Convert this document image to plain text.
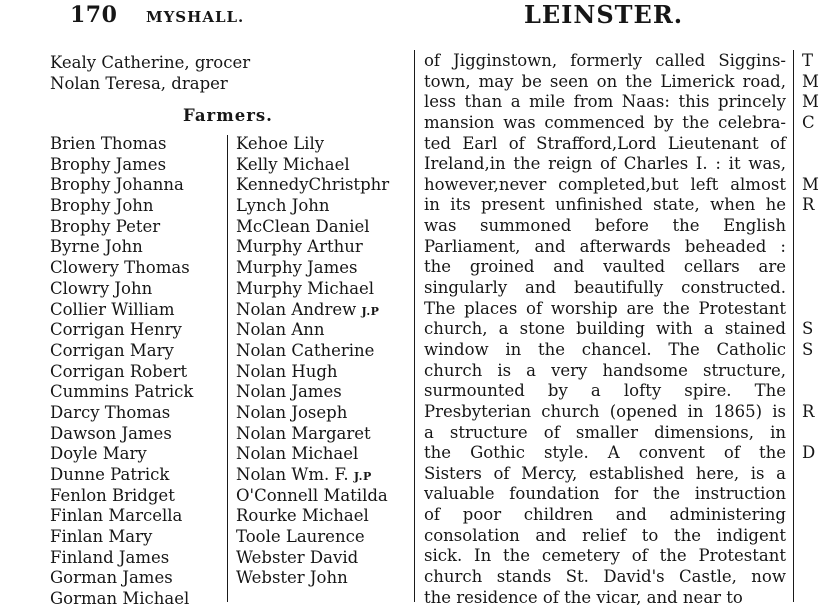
170 MYSHALL.	LEINSTER.
Kealy Catherine, grocer
Nolan Teresa, draper
Farmers.
Brien Thomas
Brophy James
Brophy Johanna
Brophy John
Brophy Peter
Byrne John
Clowery Thomas
Clowry John
Collier William
Corrigan Henry
Corrigan Mary
Corrigan Robert
Cummins Patrick
Darcy Thomas
Dawson James
Doyle Mary
Dunne Patrick
Fenlon Bridget
Finlan Marcella
Finlan Mary
Finland James
Gorman James
Gorman Michael
Kehoe Lily
Kelly Michael
KennedyChristphr
Lynch John
McClean Daniel
Murphy Arthur
Murphy James
Murphy Michael
Nolan Andrew J.P
Nolan Ann
Nolan Catherine
Nolan Hugh
Nolan James
Nolan Joseph
Nolan Margaret
Nolan Michael
Nolan Wm. F. J.P
O'Connell Matilda
Rourke Michael
Toole Laurence
Webster David
Webster John
of Jigginstown, formerly called Siggins-
town, may be seen on the Limerick road,
less than a mile from Naas: this princely
mansion was commenced by the celebra-
ted Earl of Strafford,Lord Lieutenant of
Ireland,in the reign of Charles I. : it was,
however,never completed,but left almost
in its present unfinished state, when he
was summoned before the English
Parliament, and afterwards beheaded :
the groined and vaulted cellars are
singularly and beautifully constructed.
The places of worship are the Protestant
church, a stone building with a stained
window in the chancel. The Catholic
church is a very handsome structure,
surmounted by a lofty spire. The
Presbyterian church (opened in 1865) is
a structure of smaller dimensions, in
the Gothic style. A convent of the
Sisters of Mercy, established here, is a
valuable foundation for the instruction
of poor children and administering
consolation and relief to the indigent
sick. In the cemetery of the Protestant
church stands St. David's Castle, now
the residence of the vicar, and near to
T
M
M
C
M
R
S
S
R
D
